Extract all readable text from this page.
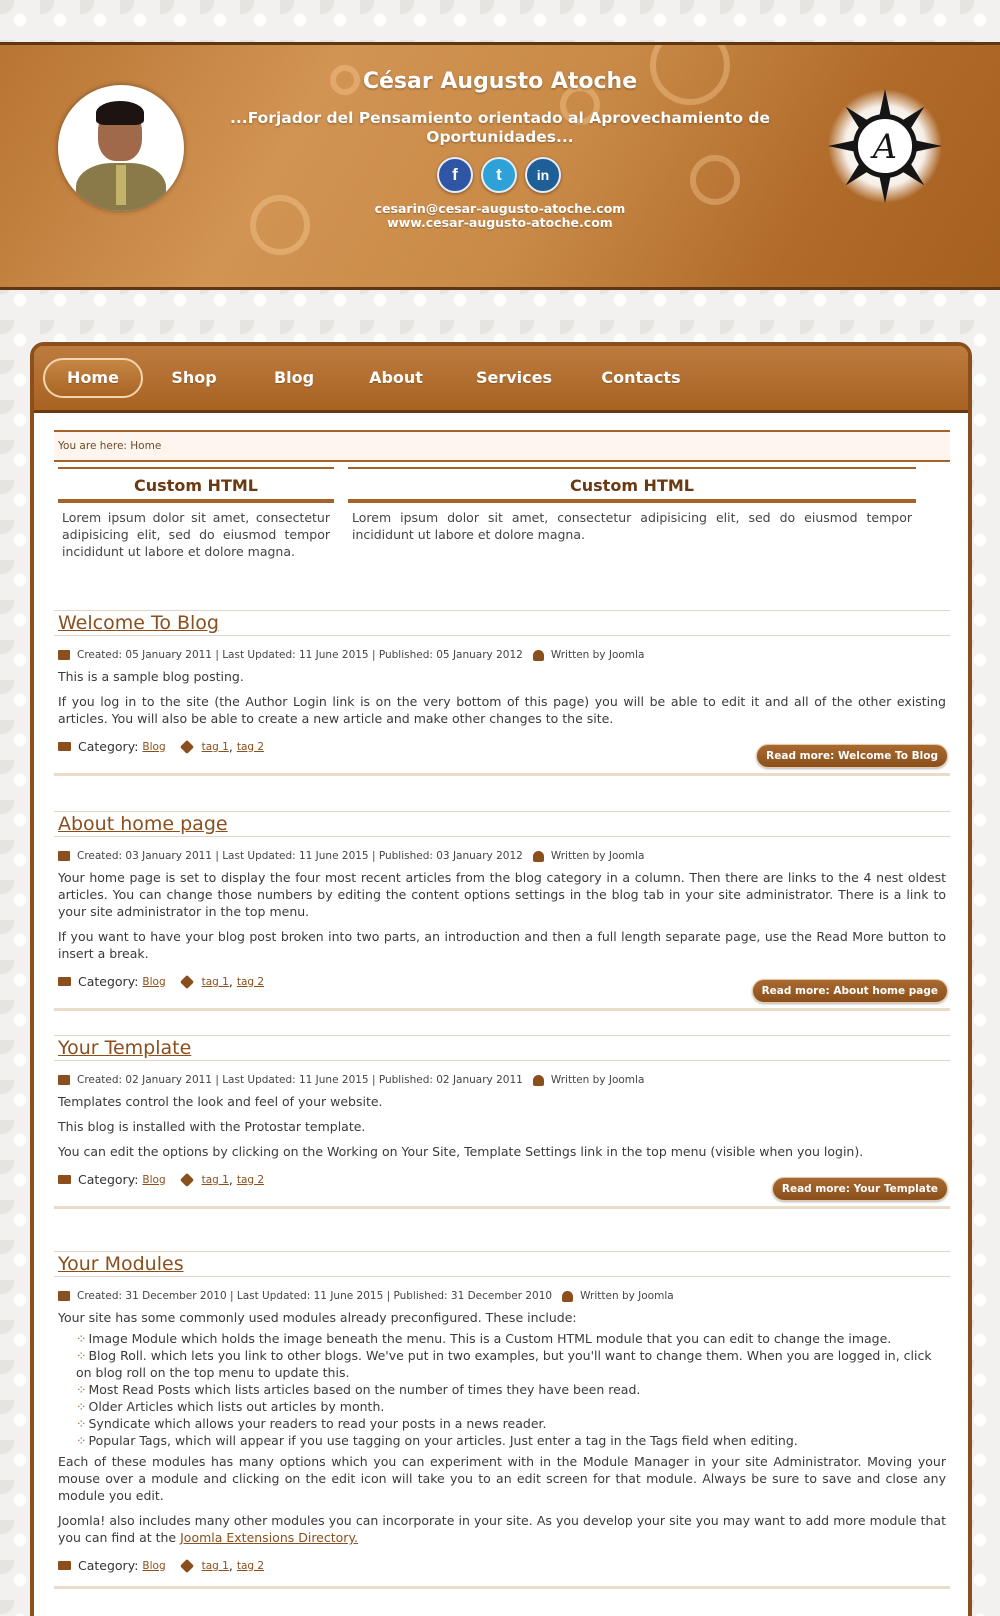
César Augusto Atoche
...Forjador del Pensamiento orientado al Aprovechamiento de Oportunidades...
f	t	in
cesarin@cesar-augusto-atoche.com
www.cesar-augusto-atoche.com
A
Home	Shop	Blog	About	Services	Contacts
You are here: Home
Custom HTML

Lorem ipsum dolor sit amet, consectetur adipisicing elit, sed do eiusmod tempor incididunt ut labore et dolore magna.

Custom HTML

Lorem ipsum dolor sit amet, consectetur adipisicing elit, sed do eiusmod tempor incididunt ut labore et dolore magna.

Welcome To Blog
Created: 05 January 2011 | Last Updated: 11 June 2015 | Published: 05 January 2012	Written by Joomla

This is a sample blog posting.

If you log in to the site (the Author Login link is on the very bottom of this page) you will be able to edit it and all of the other existing articles. You will also be able to create a new article and make other changes to the site.

Category: Blog	tag 1 , tag 2
Read more: Welcome To Blog
About home page
Created: 03 January 2011 | Last Updated: 11 June 2015 | Published: 03 January 2012	Written by Joomla

Your home page is set to display the four most recent articles from the blog category in a column. Then there are links to the 4 nest oldest articles. You can change those numbers by editing the content options settings in the blog tab in your site administrator. There is a link to your site administrator in the top menu.

If you want to have your blog post broken into two parts, an introduction and then a full length separate page, use the Read More button to insert a break.

Category: Blog	tag 1 , tag 2
Read more: About home page
Your Template
Created: 02 January 2011 | Last Updated: 11 June 2015 | Published: 02 January 2011	Written by Joomla

Templates control the look and feel of your website.

This blog is installed with the Protostar template.

You can edit the options by clicking on the Working on Your Site, Template Settings link in the top menu (visible when you login).

Category: Blog	tag 1 , tag 2
Read more: Your Template
Your Modules
Created: 31 December 2010 | Last Updated: 11 June 2015 | Published: 31 December 2010	Written by Joomla

Your site has some commonly used modules already preconfigured. These include:

⁘ Image Module which holds the image beneath the menu. This is a Custom HTML module that you can edit to change the image.
⁘ Blog Roll. which lets you link to other blogs. We've put in two examples, but you'll want to change them. When you are logged in, click on blog roll on the top menu to update this.
⁘ Most Read Posts which lists articles based on the number of times they have been read.
⁘ Older Articles which lists out articles by month.
⁘ Syndicate which allows your readers to read your posts in a news reader.
⁘ Popular Tags, which will appear if you use tagging on your articles. Just enter a tag in the Tags field when editing.

Each of these modules has many options which you can experiment with in the Module Manager in your site Administrator. Moving your mouse over a module and clicking on the edit icon will take you to an edit screen for that module. Always be sure to save and close any module you edit.

Joomla! also includes many other modules you can incorporate in your site. As you develop your site you may want to add more module that you can find at the Joomla Extensions Directory.

Category: Blog	tag 1 , tag 2
